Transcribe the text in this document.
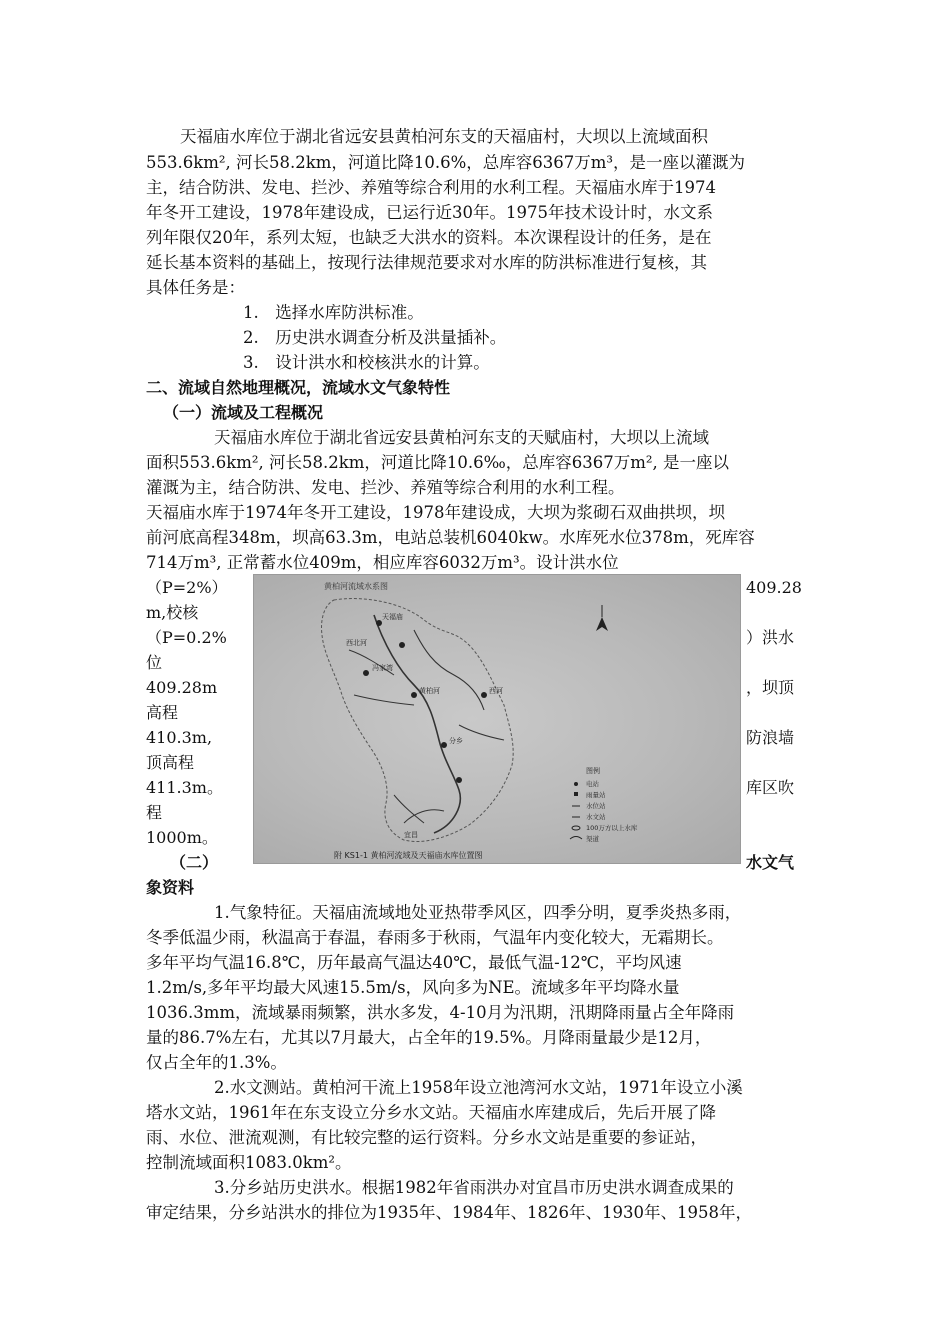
天福庙水库位于湖北省远安县黄柏河东支的天福庙村，大坝以上流域面积
553.6km², 河长58.2km，河道比降10.6%，总库容6367万m³，是一座以灌溉为
主，结合防洪、发电、拦沙、养殖等综合利用的水利工程。天福庙水库于1974
年冬开工建设，1978年建设成，已运行近30年。1975年技术设计时，水文系
列年限仅20年，系列太短，也缺乏大洪水的资料。本次课程设计的任务，是在
延长基本资料的基础上，按现行法律规范要求对水库的防洪标准进行复核，其
具体任务是：
1.　选择水库防洪标准。
2.　历史洪水调查分析及洪量插补。
3.　设计洪水和校核洪水的计算。
二、流域自然地理概况，流域水文气象特性
（一）流域及工程概况
天福庙水库位于湖北省远安县黄柏河东支的天赋庙村，大坝以上流域
面积553.6km², 河长58.2km，河道比降10.6‰，总库容6367万m², 是一座以
灌溉为主，结合防洪、发电、拦沙、养殖等综合利用的水利工程。
天福庙水库于1974年冬开工建设，1978年建设成，大坝为浆砌石双曲拱坝，坝
前河底高程348m，坝高63.3m，电站总装机6040kw。水库死水位378m，死库容
714万m³, 正常蓄水位409m，相应库容6032万m³。设计洪水位
（P=2%）
m,校核
（P=0.2%
位
409.28m
高程
410.3m,
顶高程
411.3m。
程
1000m。
409.28
）洪水
，坝顶
防浪墙
库区吹
黄柏河流域水系图
天福庙
西北河
冯家湾
黄柏河	西河
分乡
宜昌
图例
电站
雨量站
水位站
水文站
100万方以上水库
渠道
附 KS1-1 黄柏河流域及天福庙水库位置图
（二）	水文气
象资料
1.气象特征。天福庙流域地处亚热带季风区，四季分明，夏季炎热多雨，
冬季低温少雨，秋温高于春温，春雨多于秋雨，气温年内变化较大，无霜期长。
多年平均气温16.8℃，历年最高气温达40℃，最低气温-12℃，平均风速
1.2m/s,多年平均最大风速15.5m/s，风向多为NE。流域多年平均降水量
1036.3mm，流域暴雨频繁，洪水多发，4-10月为汛期，汛期降雨量占全年降雨
量的86.7%左右，尤其以7月最大，占全年的19.5%。月降雨量最少是12月，
仅占全年的1.3%。
2.水文测站。黄柏河干流上1958年设立池湾河水文站，1971年设立小溪
塔水文站，1961年在东支设立分乡水文站。天福庙水库建成后，先后开展了降
雨、水位、泄流观测，有比较完整的运行资料。分乡水文站是重要的参证站，
控制流域面积1083.0km²。
3.分乡站历史洪水。根据1982年省雨洪办对宜昌市历史洪水调查成果的
审定结果，分乡站洪水的排位为1935年、1984年、1826年、1930年、1958年，
